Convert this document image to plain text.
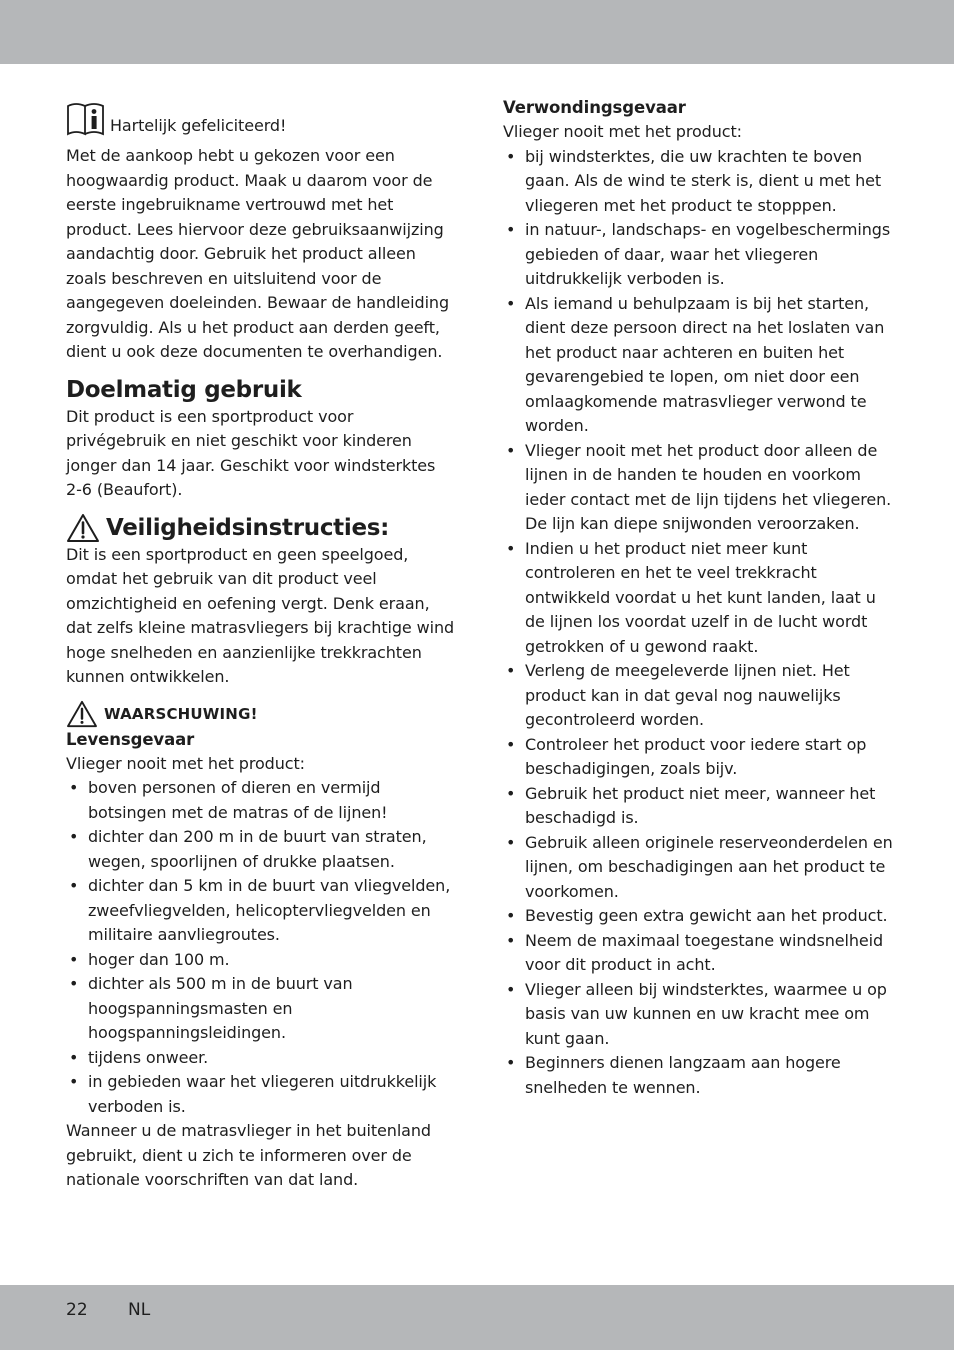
Hartelijk gefeliciteerd!

Met de aankoop hebt u gekozen voor een hoogwaardig product. Maak u daarom voor de eerste ingebruikname vertrouwd met het product. Lees hiervoor deze gebruiksaanwijzing aandachtig door. Gebruik het product alleen zoals beschreven en uitsluitend voor de aangegeven doeleinden. Bewaar de handleiding zorgvuldig. Als u het product aan derden geeft, dient u ook deze documenten te overhandigen.

Doelmatig gebruik

Dit product is een sportproduct voor privégebruik en niet geschikt voor kinderen jonger dan 14 jaar. Geschikt voor windsterktes 2-6 (Beaufort).

Veiligheidsinstructies:

Dit is een sportproduct en geen speelgoed, omdat het gebruik van dit product veel omzichtigheid en oefening vergt. Denk eraan, dat zelfs kleine matrasvliegers bij krachtige wind hoge snelheden en aanzienlijke trekkrachten kunnen ontwikkelen.

WAARSCHUWING!
Levensgevaar

Vlieger nooit met het product:

• boven personen of dieren en vermijd botsingen met de matras of de lijnen!
• dichter dan 200 m in de buurt van straten, wegen, spoorlijnen of drukke plaatsen.
• dichter dan 5 km in de buurt van vliegvelden, zweefvliegvelden, helicoptervliegvelden en militaire aanvliegroutes.
• hoger dan 100 m.
• dichter als 500 m in de buurt van hoogspanningsmasten en hoogspanningsleidingen.
• tijdens onweer.
• in gebieden waar het vliegeren uitdrukkelijk verboden is.

Wanneer u de matrasvlieger in het buitenland gebruikt, dient u zich te informeren over de nationale voorschriften van dat land.

Verwondingsgevaar

Vlieger nooit met het product:

• bij windsterktes, die uw krachten te boven gaan. Als de wind te sterk is, dient u met het vliegeren met het product te stopppen.
• in natuur-, landschaps- en vogelbeschermings gebieden of daar, waar het vliegeren uitdrukkelijk verboden is.
• Als iemand u behulpzaam is bij het starten, dient deze persoon direct na het loslaten van het product naar achteren en buiten het gevarengebied te lopen, om niet door een omlaagkomende matrasvlieger verwond te worden.
• Vlieger nooit met het product door alleen de lijnen in de handen te houden en voorkom ieder contact met de lijn tijdens het vliegeren. De lijn kan diepe snijwonden veroorzaken.
• Indien u het product niet meer kunt controleren en het te veel trekkracht ontwikkeld voordat u het kunt landen, laat u de lijnen los voordat uzelf in de lucht wordt getrokken of u gewond raakt.
• Verleng de meegeleverde lijnen niet. Het product kan in dat geval nog nauwelijks gecontroleerd worden.
• Controleer het product voor iedere start op beschadigingen, zoals bijv.
• Gebruik het product niet meer, wanneer het beschadigd is.
• Gebruik alleen originele reserveonderdelen en lijnen, om beschadigingen aan het product te voorkomen.
• Bevestig geen extra gewicht aan het product.
• Neem de maximaal toegestane windsnelheid voor dit product in acht.
• Vlieger alleen bij windsterktes, waarmee u op basis van uw kunnen en uw kracht mee om kunt gaan.
• Beginners dienen langzaam aan hogere snelheden te wennen.
22 NL
